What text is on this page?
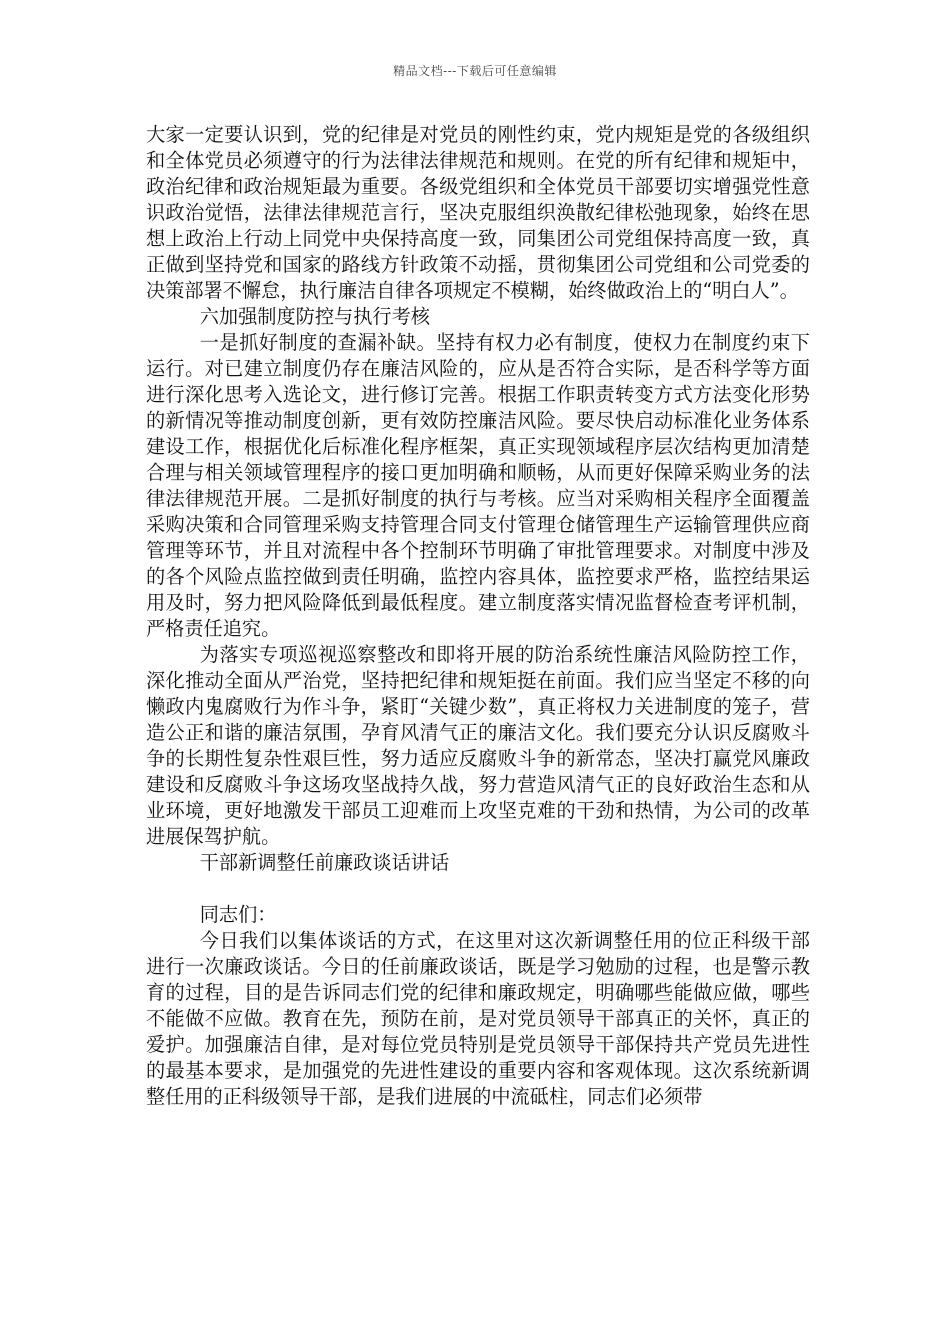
精品文档---下载后可任意编辑

大家一定要认识到，党的纪律是对党员的刚性约束，党内规矩是党的各级组织和全体党员必须遵守的行为法律法律规范和规则。在党的所有纪律和规矩中，政治纪律和政治规矩最为重要。各级党组织和全体党员干部要切实增强党性意识政治觉悟，法律法律规范言行，坚决克服组织涣散纪律松弛现象，始终在思想上政治上行动上同党中央保持高度一致，同集团公司党组保持高度一致，真正做到坚持党和国家的路线方针政策不动摇，贯彻集团公司党组和公司党委的决策部署不懈怠，执行廉洁自律各项规定不模糊，始终做政治上的“明白人”。

六加强制度防控与执行考核

一是抓好制度的查漏补缺。坚持有权力必有制度，使权力在制度约束下运行。对已建立制度仍存在廉洁风险的，应从是否符合实际，是否科学等方面进行深化思考入选论文，进行修订完善。根据工作职责转变方式方法变化形势的新情况等推动制度创新，更有效防控廉洁风险。要尽快启动标准化业务体系建设工作，根据优化后标准化程序框架，真正实现领域程序层次结构更加清楚合理与相关领域管理程序的接口更加明确和顺畅，从而更好保障采购业务的法律法律规范开展。二是抓好制度的执行与考核。应当对采购相关程序全面覆盖采购决策和合同管理采购支持管理合同支付管理仓储管理生产运输管理供应商管理等环节，并且对流程中各个控制环节明确了审批管理要求。对制度中涉及的各个风险点监控做到责任明确，监控内容具体，监控要求严格，监控结果运用及时，努力把风险降低到最低程度。建立制度落实情况监督检查考评机制，严格责任追究。

为落实专项巡视巡察整改和即将开展的防治系统性廉洁风险防控工作，深化推动全面从严治党，坚持把纪律和规矩挺在前面。我们应当坚定不移的向懒政内鬼腐败行为作斗争，紧盯“关键少数”，真正将权力关进制度的笼子，营造公正和谐的廉洁氛围，孕育风清气正的廉洁文化。我们要充分认识反腐败斗争的长期性复杂性艰巨性，努力适应反腐败斗争的新常态，坚决打赢党风廉政建设和反腐败斗争这场攻坚战持久战，努力营造风清气正的良好政治生态和从业环境，更好地激发干部员工迎难而上攻坚克难的干劲和热情，为公司的改革进展保驾护航。

干部新调整任前廉政谈话讲话

同志们：

今日我们以集体谈话的方式，在这里对这次新调整任用的位正科级干部进行一次廉政谈话。今日的任前廉政谈话，既是学习勉励的过程，也是警示教育的过程，目的是告诉同志们党的纪律和廉政规定，明确哪些能做应做，哪些不能做不应做。教育在先，预防在前，是对党员领导干部真正的关怀，真正的爱护。加强廉洁自律，是对每位党员特别是党员领导干部保持共产党员先进性的最基本要求，是加强党的先进性建设的重要内容和客观体现。这次系统新调整任用的正科级领导干部，是我们进展的中流砥柱，同志们必须带
